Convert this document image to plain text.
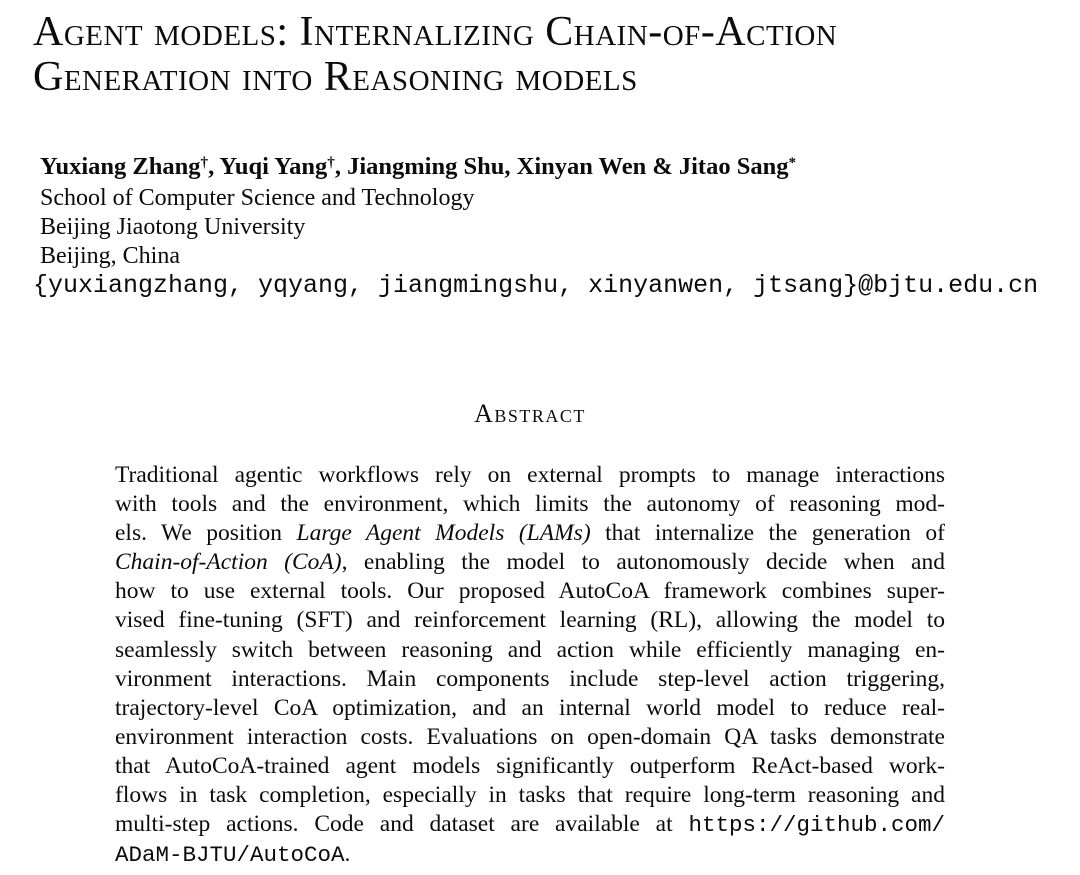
Agent models: Internalizing Chain-of-Action
Generation into Reasoning models
Yuxiang Zhang†, Yuqi Yang†, Jiangming Shu, Xinyan Wen & Jitao Sang*
School of Computer Science and Technology
Beijing Jiaotong University
Beijing, China
{yuxiangzhang, yqyang, jiangmingshu, xinyanwen, jtsang}@bjtu.edu.cn
Abstract
Traditional agentic workflows rely on external prompts to manage interactions
with tools and the environment, which limits the autonomy of reasoning mod-
els. We position Large Agent Models (LAMs) that internalize the generation of
Chain-of-Action (CoA), enabling the model to autonomously decide when and
how to use external tools. Our proposed AutoCoA framework combines super-
vised fine-tuning (SFT) and reinforcement learning (RL), allowing the model to
seamlessly switch between reasoning and action while efficiently managing en-
vironment interactions. Main components include step-level action triggering,
trajectory-level CoA optimization, and an internal world model to reduce real-
environment interaction costs. Evaluations on open-domain QA tasks demonstrate
that AutoCoA-trained agent models significantly outperform ReAct-based work-
flows in task completion, especially in tasks that require long-term reasoning and
multi-step actions. Code and dataset are available at https://github.com/
ADaM-BJTU/AutoCoA.
